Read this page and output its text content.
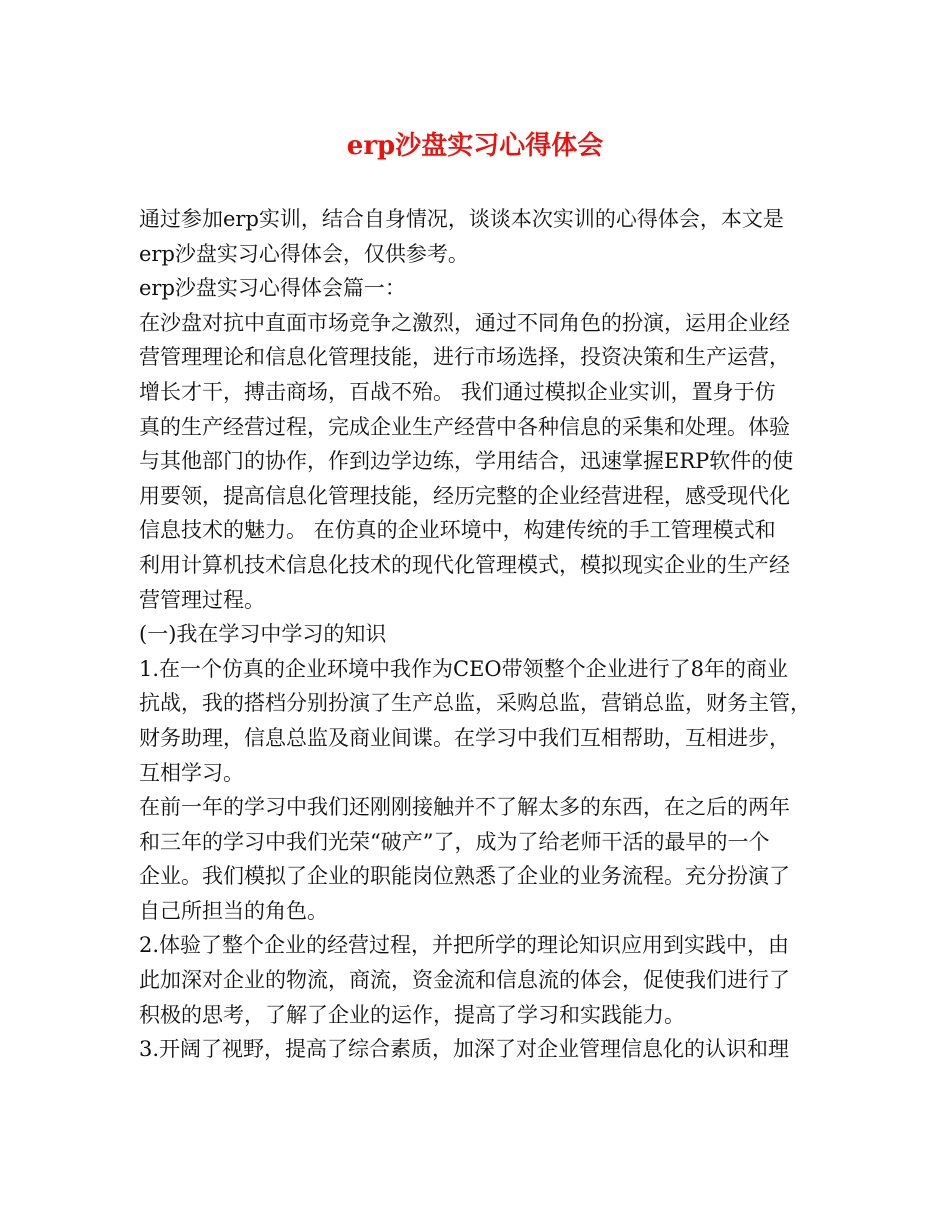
erp沙盘实习心得体会
通过参加erp实训，结合自身情况，谈谈本次实训的心得体会，本文是
erp沙盘实习心得体会，仅供参考。
erp沙盘实习心得体会篇一：
在沙盘对抗中直面市场竞争之激烈，通过不同角色的扮演，运用企业经
营管理理论和信息化管理技能，进行市场选择，投资决策和生产运营，
增长才干，搏击商场，百战不殆。 我们通过模拟企业实训，置身于仿
真的生产经营过程，完成企业生产经营中各种信息的采集和处理。体验
与其他部门的协作，作到边学边练，学用结合，迅速掌握ERP软件的使
用要领，提高信息化管理技能，经历完整的企业经营进程，感受现代化
信息技术的魅力。 在仿真的企业环境中，构建传统的手工管理模式和
利用计算机技术信息化技术的现代化管理模式，模拟现实企业的生产经
营管理过程。
(一)我在学习中学习的知识
1.在一个仿真的企业环境中我作为CEO带领整个企业进行了8年的商业
抗战，我的搭档分别扮演了生产总监，采购总监，营销总监，财务主管，
财务助理，信息总监及商业间谍。在学习中我们互相帮助，互相进步，
互相学习。
在前一年的学习中我们还刚刚接触并不了解太多的东西，在之后的两年
和三年的学习中我们光荣“破产”了，成为了给老师干活的最早的一个
企业。我们模拟了企业的职能岗位熟悉了企业的业务流程。充分扮演了
自己所担当的角色。
2.体验了整个企业的经营过程，并把所学的理论知识应用到实践中，由
此加深对企业的物流，商流，资金流和信息流的体会，促使我们进行了
积极的思考，了解了企业的运作，提高了学习和实践能力。
3.开阔了视野，提高了综合素质，加深了对企业管理信息化的认识和理
